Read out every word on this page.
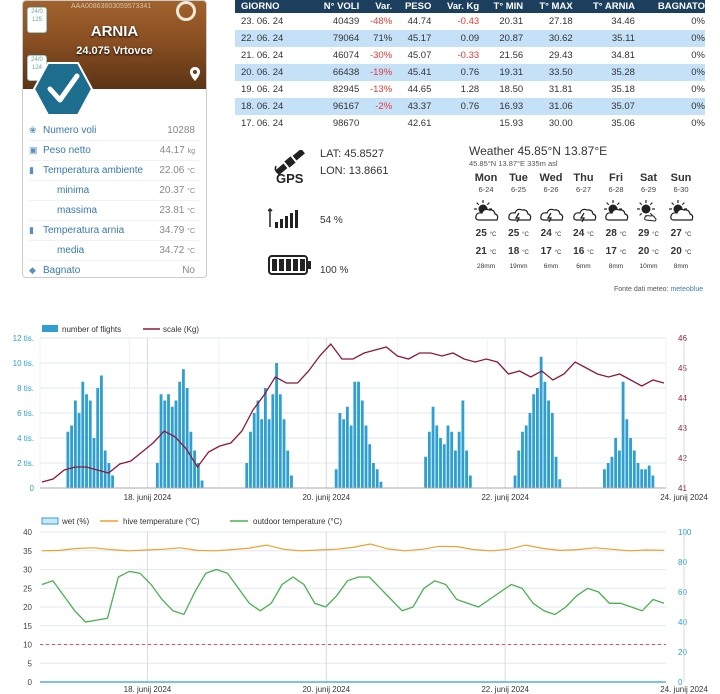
AAA00863603059573341
ARNIA
24.075 Vrtovce
24/0
125
24/0
124
❀ Numero voli	10288
▣ Peso netto	44.17 kg
▮ Temperatura ambiente 22.06 °C
minima	20.37 °C
massima	23.81 °C
▮ Temperatura arnia	34.79 °C
media	34.72 °C
◆ Bagnato	No
GIORNO	N° VOLI	Var.	PESO	Var. Kg	T° MIN	T° MAX	T° ARNIA	BAGNATO
23. 06. 24	40439	-48%	44.74	-0.43	20.31	27.18	34.46	0%
22. 06. 24	79064	71%	45.17	0.09	20.87	30.62	35.11	0%
21. 06. 24	46074	-30%	45.07	-0.33	21.56	29.43	34.81	0%
20. 06. 24	66438	-19%	45.41	0.76	19.31	33.50	35.28	0%
19. 06. 24	82945	-13%	44.65	1.28	18.50	31.81	35.18	0%
18. 06. 24	96167	-2%	43.37	0.76	16.93	31.06	35.07	0%
17. 06. 24	98670		42.61		15.93	30.00	35.06	0%
GPS
LAT: 45.8527
LON: 13.8661
54 %
100 %
Weather 45.85°N 13.87°E
45.85°N 13.87°E 335m asl
Mon
6-24
25 °C
21 °C
28mm
Tue
6-25
25 °C
18 °C
19mm
Wed
6-26
24 °C
17 °C
6mm
Thu
6-27
24 °C
16 °C
6mm
Fri
6-28
28 °C
17 °C
8mm
Sat
6-29
29 °C
20 °C
10mm
Sun
6-30
27 °C
20 °C
8mm
Fonte dati meteo: meteoblue
number of flights	scale (Kg)
0
2 tis.
4 tis.
6 tis.
8 tis.
10 tis.
12 tis.
41
42
43
44
45
46
18. junij 2024	20. junij 2024	22. junij 2024	24. junij 2024
wet (%)	hive temperature (°C)	outdoor temperature (°C)
0
5
10
15
20
25
30
35
40
0
20
40
60
80
100
18. junij 2024	20. junij 2024	22. junij 2024	24. junij 2024
